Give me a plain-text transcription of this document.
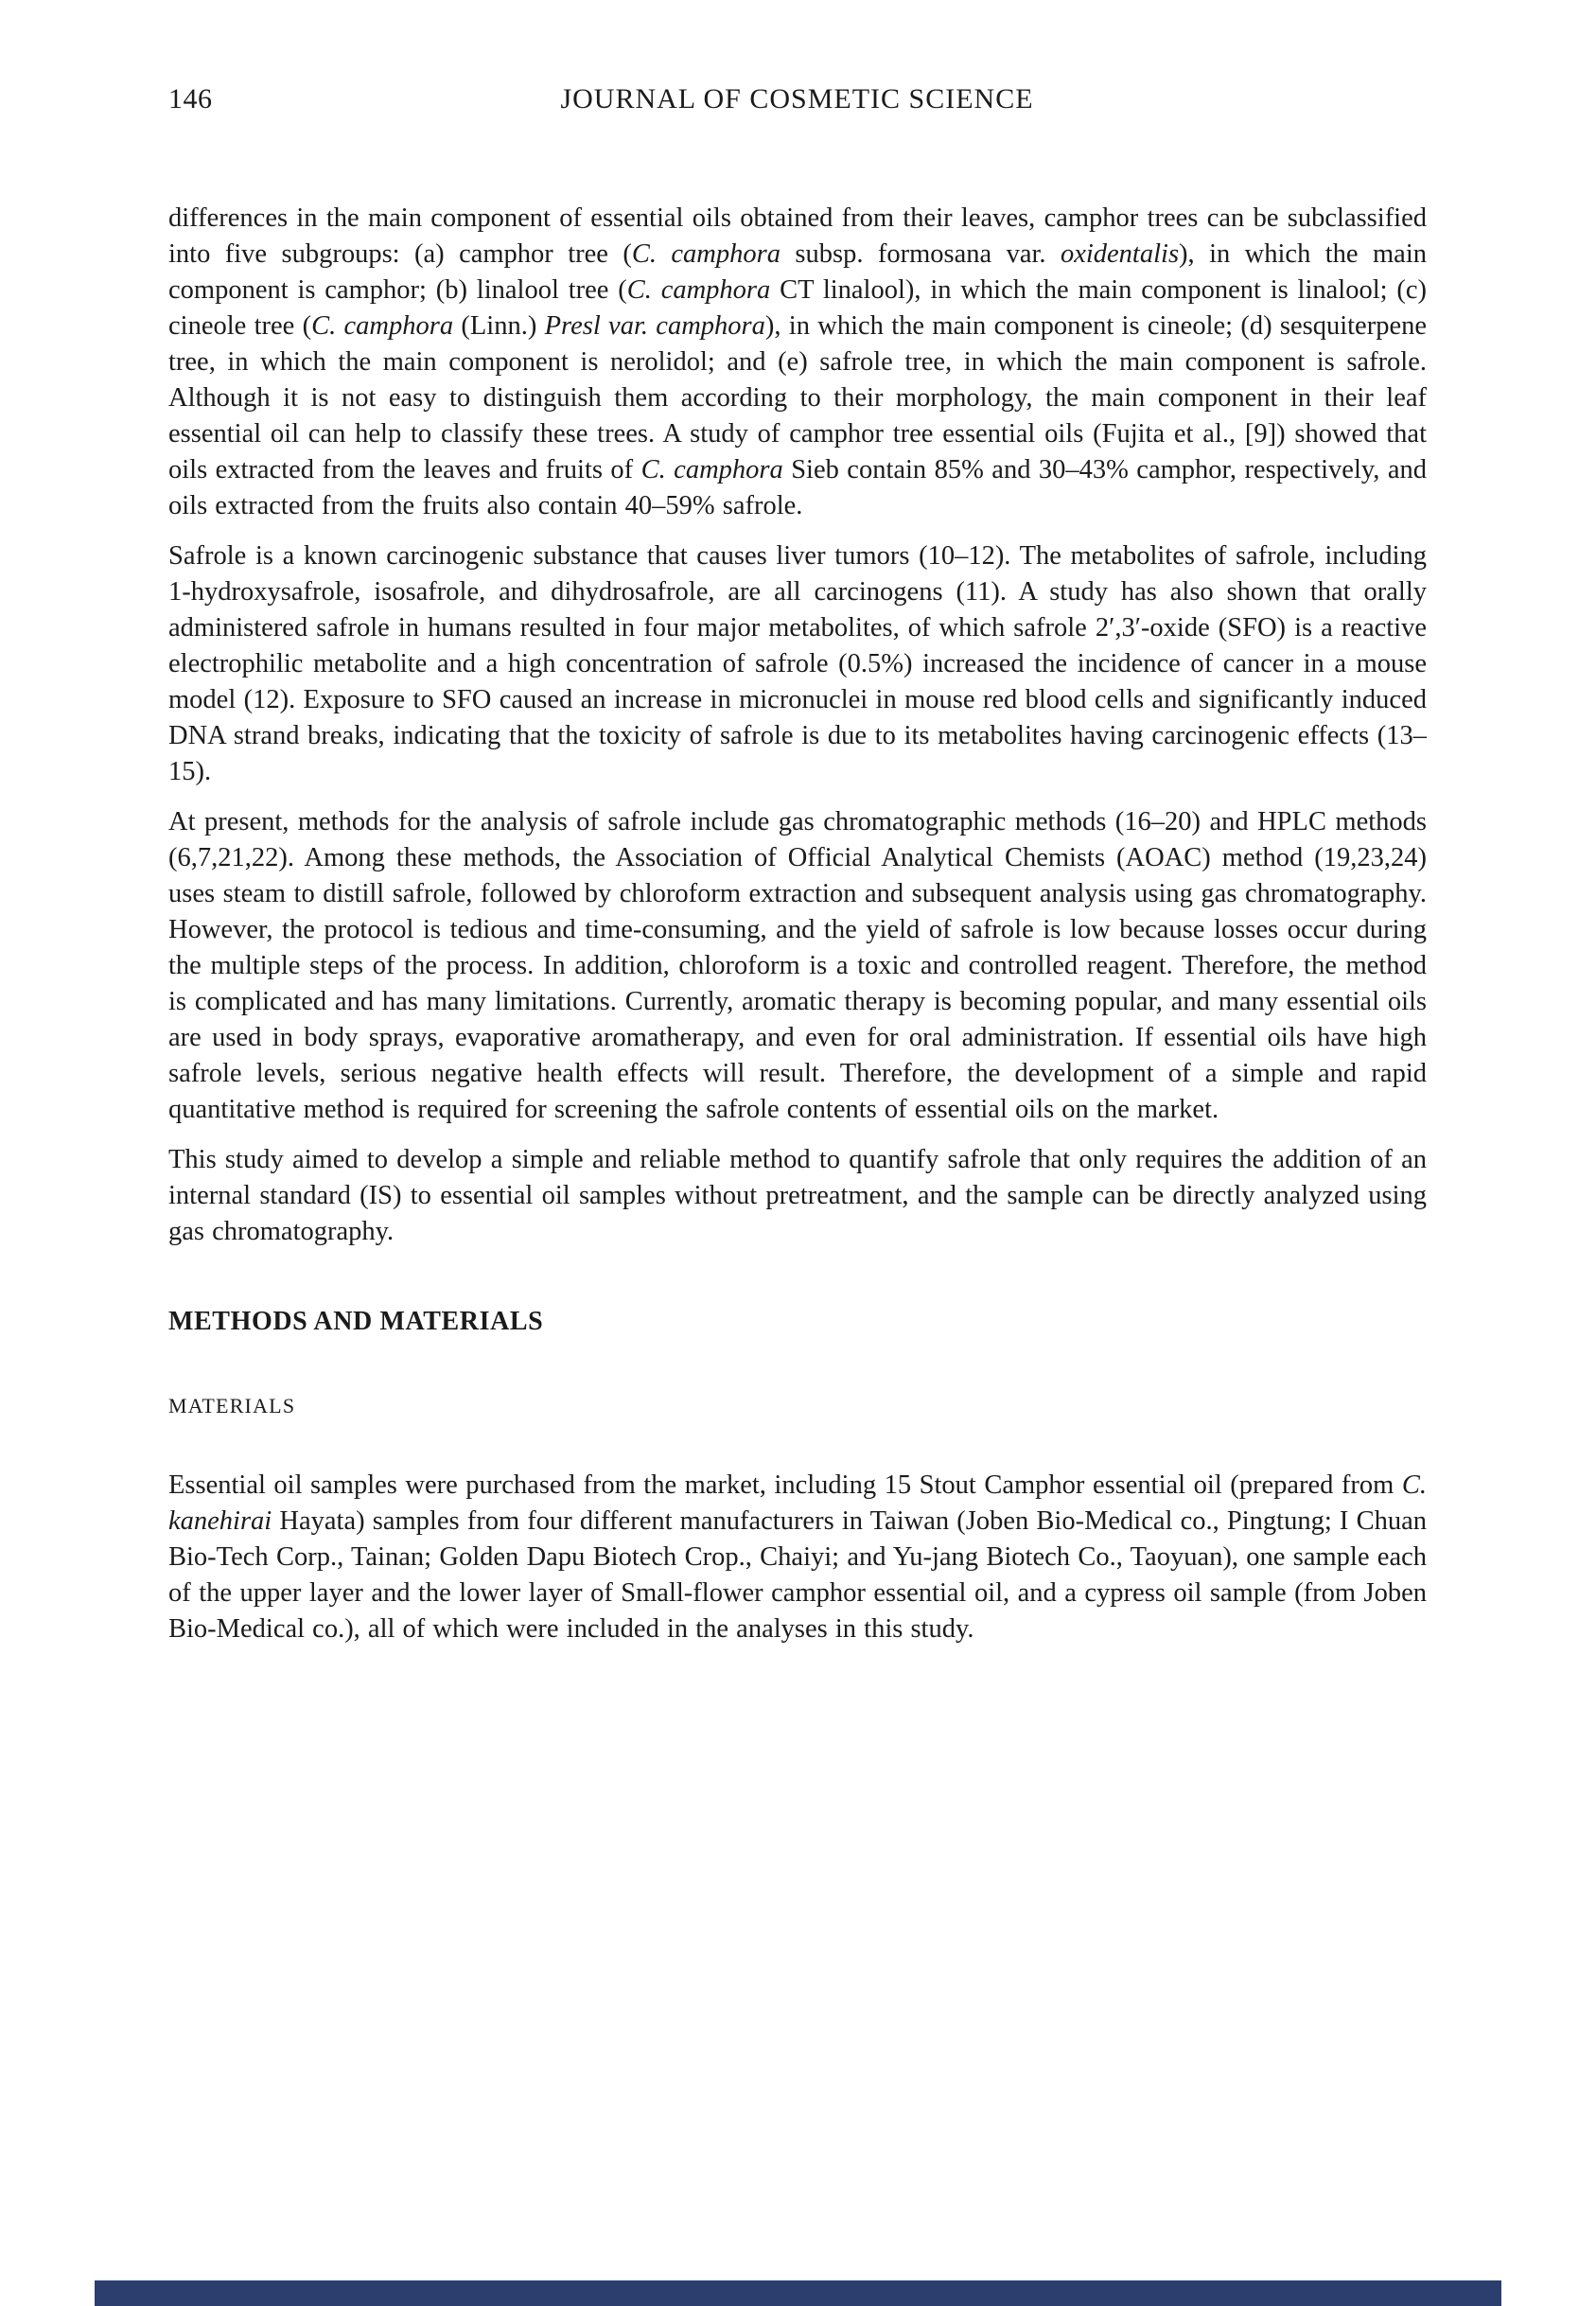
146	JOURNAL OF COSMETIC SCIENCE

differences in the main component of essential oils obtained from their leaves, camphor trees can be subclassified into five subgroups: (a) camphor tree (C. camphora subsp. formosana var. oxidentalis), in which the main component is camphor; (b) linalool tree (C. camphora CT linalool), in which the main component is linalool; (c) cineole tree (C. camphora (Linn.) Presl var. camphora), in which the main component is cineole; (d) sesquiterpene tree, in which the main component is nerolidol; and (e) safrole tree, in which the main component is safrole. Although it is not easy to distinguish them according to their morphology, the main component in their leaf essential oil can help to classify these trees. A study of camphor tree essential oils (Fujita et al., [9]) showed that oils extracted from the leaves and fruits of C. camphora Sieb contain 85% and 30–43% camphor, respectively, and oils extracted from the fruits also contain 40–59% safrole.

Safrole is a known carcinogenic substance that causes liver tumors (10–12). The metabolites of safrole, including 1-hydroxysafrole, isosafrole, and dihydrosafrole, are all carcinogens (11). A study has also shown that orally administered safrole in humans resulted in four major metabolites, of which safrole 2′,3′-oxide (SFO) is a reactive electrophilic metabolite and a high concentration of safrole (0.5%) increased the incidence of cancer in a mouse model (12). Exposure to SFO caused an increase in micronuclei in mouse red blood cells and significantly induced DNA strand breaks, indicating that the toxicity of safrole is due to its metabolites having carcinogenic effects (13–15).

At present, methods for the analysis of safrole include gas chromatographic methods (16–20) and HPLC methods (6,7,21,22). Among these methods, the Association of Official Analytical Chemists (AOAC) method (19,23,24) uses steam to distill safrole, followed by chloroform extraction and subsequent analysis using gas chromatography. However, the protocol is tedious and time-consuming, and the yield of safrole is low because losses occur during the multiple steps of the process. In addition, chloroform is a toxic and controlled reagent. Therefore, the method is complicated and has many limitations. Currently, aromatic therapy is becoming popular, and many essential oils are used in body sprays, evaporative aromatherapy, and even for oral administration. If essential oils have high safrole levels, serious negative health effects will result. Therefore, the development of a simple and rapid quantitative method is required for screening the safrole contents of essential oils on the market.

This study aimed to develop a simple and reliable method to quantify safrole that only requires the addition of an internal standard (IS) to essential oil samples without pretreatment, and the sample can be directly analyzed using gas chromatography.

METHODS AND MATERIALS
MATERIALS

Essential oil samples were purchased from the market, including 15 Stout Camphor essential oil (prepared from C. kanehirai Hayata) samples from four different manufacturers in Taiwan (Joben Bio-Medical co., Pingtung; I Chuan Bio-Tech Corp., Tainan; Golden Dapu Biotech Crop., Chaiyi; and Yu-jang Biotech Co., Taoyuan), one sample each of the upper layer and the lower layer of Small-flower camphor essential oil, and a cypress oil sample (from Joben Bio-Medical co.), all of which were included in the analyses in this study.
